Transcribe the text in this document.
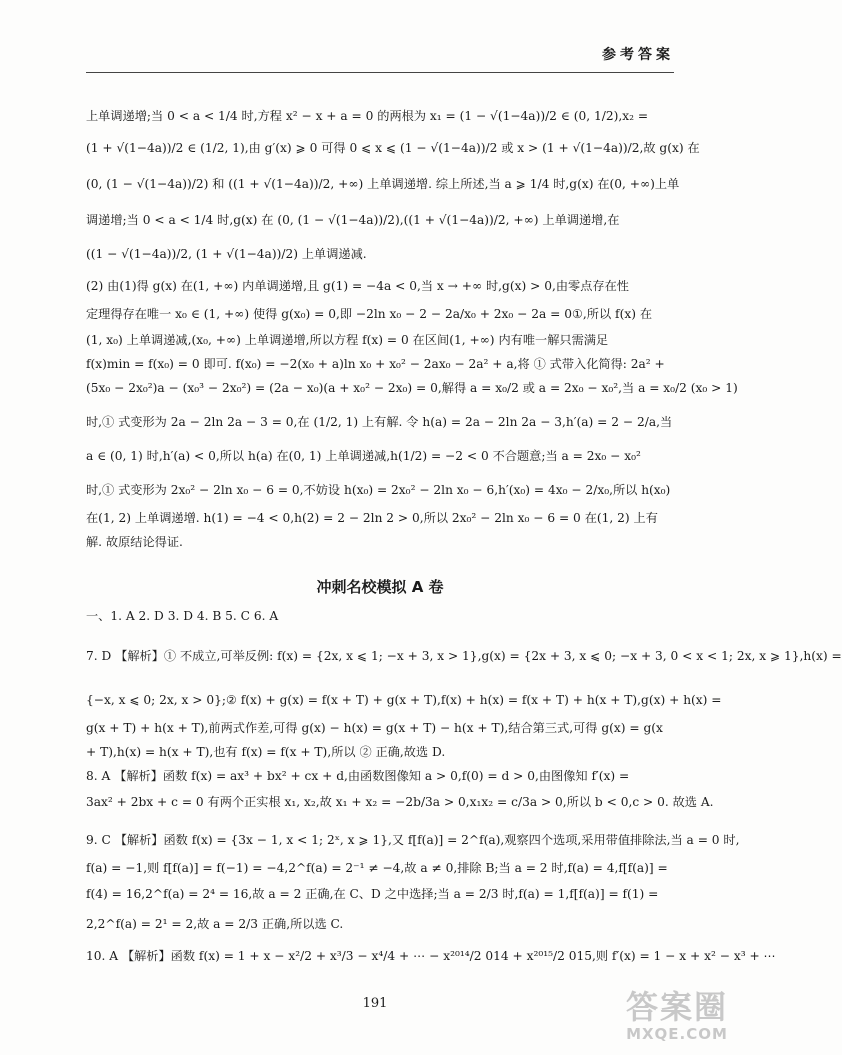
参考答案
上单调递增;当 0 < a < 1/4 时,方程 x² − x + a = 0 的两根为 x₁ = (1 − √(1−4a))/2 ∈ (0, 1/2),x₂ =
(1 + √(1−4a))/2 ∈ (1/2, 1),由 g′(x) ⩾ 0 可得 0 ⩽ x ⩽ (1 − √(1−4a))/2 或 x > (1 + √(1−4a))/2,故 g(x) 在
(0, (1 − √(1−4a))/2) 和 ((1 + √(1−4a))/2, +∞) 上单调递增. 综上所述,当 a ⩾ 1/4 时,g(x) 在(0, +∞)上单
调递增;当 0 < a < 1/4 时,g(x) 在 (0, (1 − √(1−4a))/2),((1 + √(1−4a))/2, +∞) 上单调递增,在
((1 − √(1−4a))/2, (1 + √(1−4a))/2) 上单调递减.
(2) 由(1)得 g(x) 在(1, +∞) 内单调递增,且 g(1) = −4a < 0,当 x → +∞ 时,g(x) > 0,由零点存在性
定理得存在唯一 x₀ ∈ (1, +∞) 使得 g(x₀) = 0,即 −2ln x₀ − 2 − 2a/x₀ + 2x₀ − 2a = 0①,所以 f(x) 在
(1, x₀) 上单调递减,(x₀, +∞) 上单调递增,所以方程 f(x) = 0 在区间(1, +∞) 内有唯一解只需满足
f(x)min = f(x₀) = 0 即可. f(x₀) = −2(x₀ + a)ln x₀ + x₀² − 2ax₀ − 2a² + a,将 ① 式带入化简得: 2a² +
(5x₀ − 2x₀²)a − (x₀³ − 2x₀²) = (2a − x₀)(a + x₀² − 2x₀) = 0,解得 a = x₀/2 或 a = 2x₀ − x₀²,当 a = x₀/2 (x₀ > 1)
时,① 式变形为 2a − 2ln 2a − 3 = 0,在 (1/2, 1) 上有解. 令 h(a) = 2a − 2ln 2a − 3,h′(a) = 2 − 2/a,当
a ∈ (0, 1) 时,h′(a) < 0,所以 h(a) 在(0, 1) 上单调递减,h(1/2) = −2 < 0 不合题意;当 a = 2x₀ − x₀²
时,① 式变形为 2x₀² − 2ln x₀ − 6 = 0,不妨设 h(x₀) = 2x₀² − 2ln x₀ − 6,h′(x₀) = 4x₀ − 2/x₀,所以 h(x₀)
在(1, 2) 上单调递增. h(1) = −4 < 0,h(2) = 2 − 2ln 2 > 0,所以 2x₀² − 2ln x₀ − 6 = 0 在(1, 2) 上有
解. 故原结论得证.
冲刺名校模拟 A 卷
一、1. A 2. D 3. D 4. B 5. C 6. A
7. D 【解析】① 不成立,可举反例: f(x) = {2x, x ⩽ 1; −x + 3, x > 1},g(x) = {2x + 3, x ⩽ 0; −x + 3, 0 < x < 1; 2x, x ⩾ 1},h(x) =
{−x, x ⩽ 0; 2x, x > 0};② f(x) + g(x) = f(x + T) + g(x + T),f(x) + h(x) = f(x + T) + h(x + T),g(x) + h(x) =
g(x + T) + h(x + T),前两式作差,可得 g(x) − h(x) = g(x + T) − h(x + T),结合第三式,可得 g(x) = g(x
+ T),h(x) = h(x + T),也有 f(x) = f(x + T),所以 ② 正确,故选 D.
8. A 【解析】函数 f(x) = ax³ + bx² + cx + d,由函数图像知 a > 0,f(0) = d > 0,由图像知 f′(x) =
3ax² + 2bx + c = 0 有两个正实根 x₁, x₂,故 x₁ + x₂ = −2b/3a > 0,x₁x₂ = c/3a > 0,所以 b < 0,c > 0. 故选 A.
9. C 【解析】函数 f(x) = {3x − 1, x < 1; 2ˣ, x ⩾ 1},又 f[f(a)] = 2^f(a),观察四个选项,采用带值排除法,当 a = 0 时,
f(a) = −1,则 f[f(a)] = f(−1) = −4,2^f(a) = 2⁻¹ ≠ −4,故 a ≠ 0,排除 B;当 a = 2 时,f(a) = 4,f[f(a)] =
f(4) = 16,2^f(a) = 2⁴ = 16,故 a = 2 正确,在 C、D 之中选择;当 a = 2/3 时,f(a) = 1,f[f(a)] = f(1) =
2,2^f(a) = 2¹ = 2,故 a = 2/3 正确,所以选 C.
10. A 【解析】函数 f(x) = 1 + x − x²/2 + x³/3 − x⁴/4 + ⋯ − x²⁰¹⁴/2 014 + x²⁰¹⁵/2 015,则 f′(x) = 1 − x + x² − x³ + ⋯
191	答案圈
MXQE.COM
